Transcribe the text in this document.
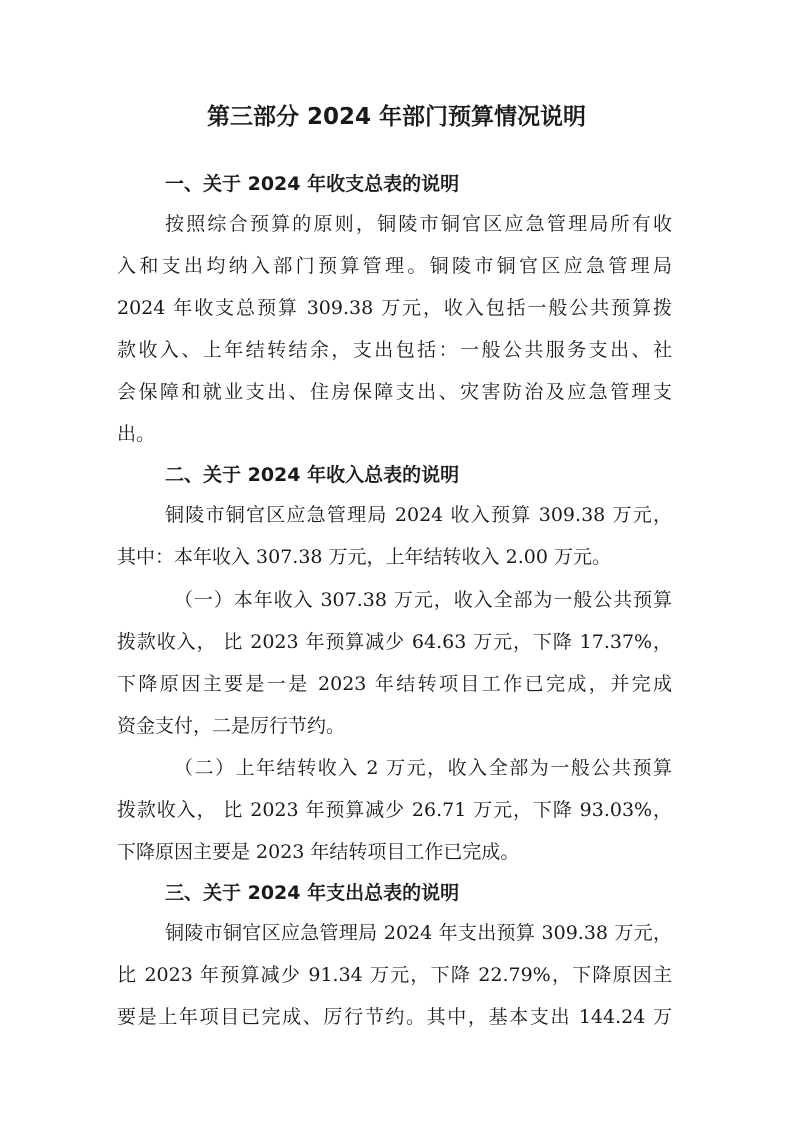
第三部分 2024 年部门预算情况说明
一、关于 2024 年收支总表的说明

按照综合预算的原则，铜陵市铜官区应急管理局所有收

入和支出均纳入部门预算管理。铜陵市铜官区应急管理局

2024 年收支总预算 309.38 万元，收入包括一般公共预算拨

款收入、上年结转结余，支出包括：一般公共服务支出、社

会保障和就业支出、住房保障支出、灾害防治及应急管理支

出。

二、关于 2024 年收入总表的说明

铜陵市铜官区应急管理局 2024 收入预算 309.38 万元，

其中：本年收入 307.38 万元，上年结转收入 2.00 万元。

（一）本年收入 307.38 万元，收入全部为一般公共预算

拨款收入， 比 2023 年预算减少 64.63 万元，下降 17.37%，

下降原因主要是一是 2023 年结转项目工作已完成，并完成

资金支付，二是厉行节约。

（二）上年结转收入 2 万元，收入全部为一般公共预算

拨款收入， 比 2023 年预算减少 26.71 万元，下降 93.03%，

下降原因主要是 2023 年结转项目工作已完成。

三、关于 2024 年支出总表的说明

铜陵市铜官区应急管理局 2024 年支出预算 309.38 万元，

比 2023 年预算减少 91.34 万元，下降 22.79%，下降原因主

要是上年项目已完成、厉行节约。其中，基本支出 144.24 万
